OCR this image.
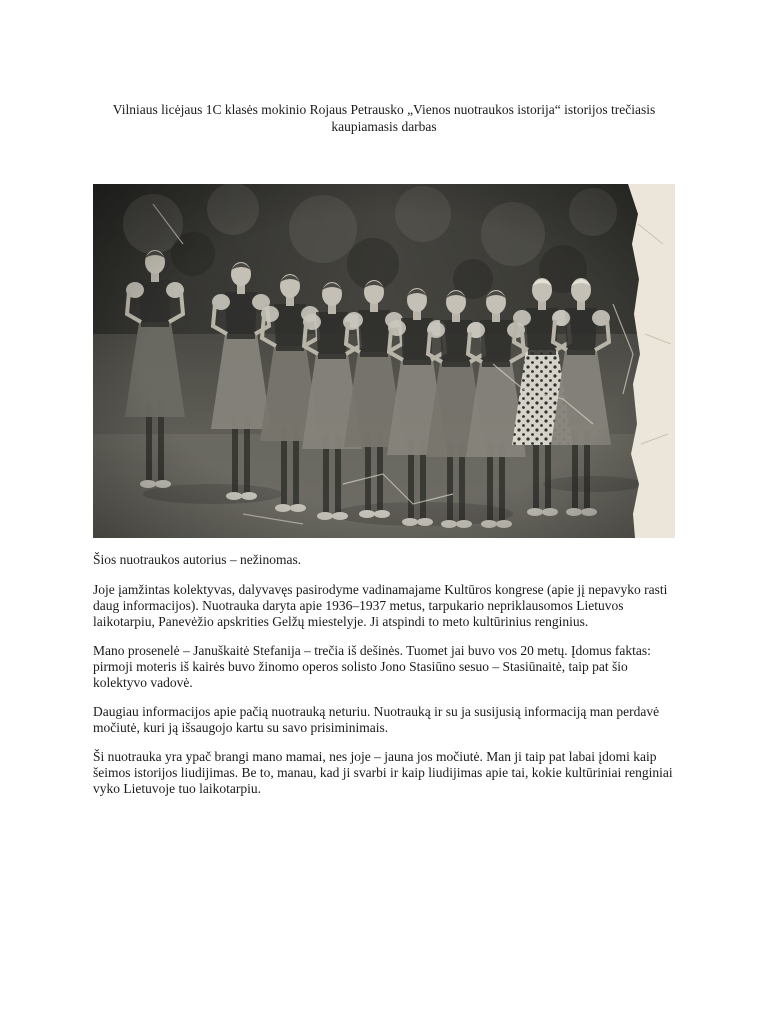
Vilniaus licėjaus 1C klasės mokinio Rojaus Petrausko „Vienos nuotraukos istorija“ istorijos trečiasis kaupiamasis darbas

Šios nuotraukos autorius – nežinomas.

Joje įamžintas kolektyvas, dalyvavęs pasirodyme vadinamajame Kultūros kongrese (apie jį nepavyko rasti daug informacijos). Nuotrauka daryta apie 1936–1937 metus, tarpukario nepriklausomos Lietuvos laikotarpiu, Panevėžio apskrities Gelžų miestelyje. Ji atspindi to meto kultūrinius renginius.

Mano prosenelė – Januškaitė Stefanija – trečia iš dešinės. Tuomet jai buvo vos 20 metų. Įdomus faktas: pirmoji moteris iš kairės buvo žinomo operos solisto Jono Stasiūno sesuo – Stasiūnaitė, taip pat šio kolektyvo vadovė.

Daugiau informacijos apie pačią nuotrauką neturiu. Nuotrauką ir su ja susijusią informaciją man perdavė močiutė, kuri ją išsaugojo kartu su savo prisiminimais.

Ši nuotrauka yra ypač brangi mano mamai, nes joje – jauna jos močiutė. Man ji taip pat labai įdomi kaip šeimos istorijos liudijimas. Be to, manau, kad ji svarbi ir kaip liudijimas apie tai, kokie kultūriniai renginiai vyko Lietuvoje tuo laikotarpiu.
